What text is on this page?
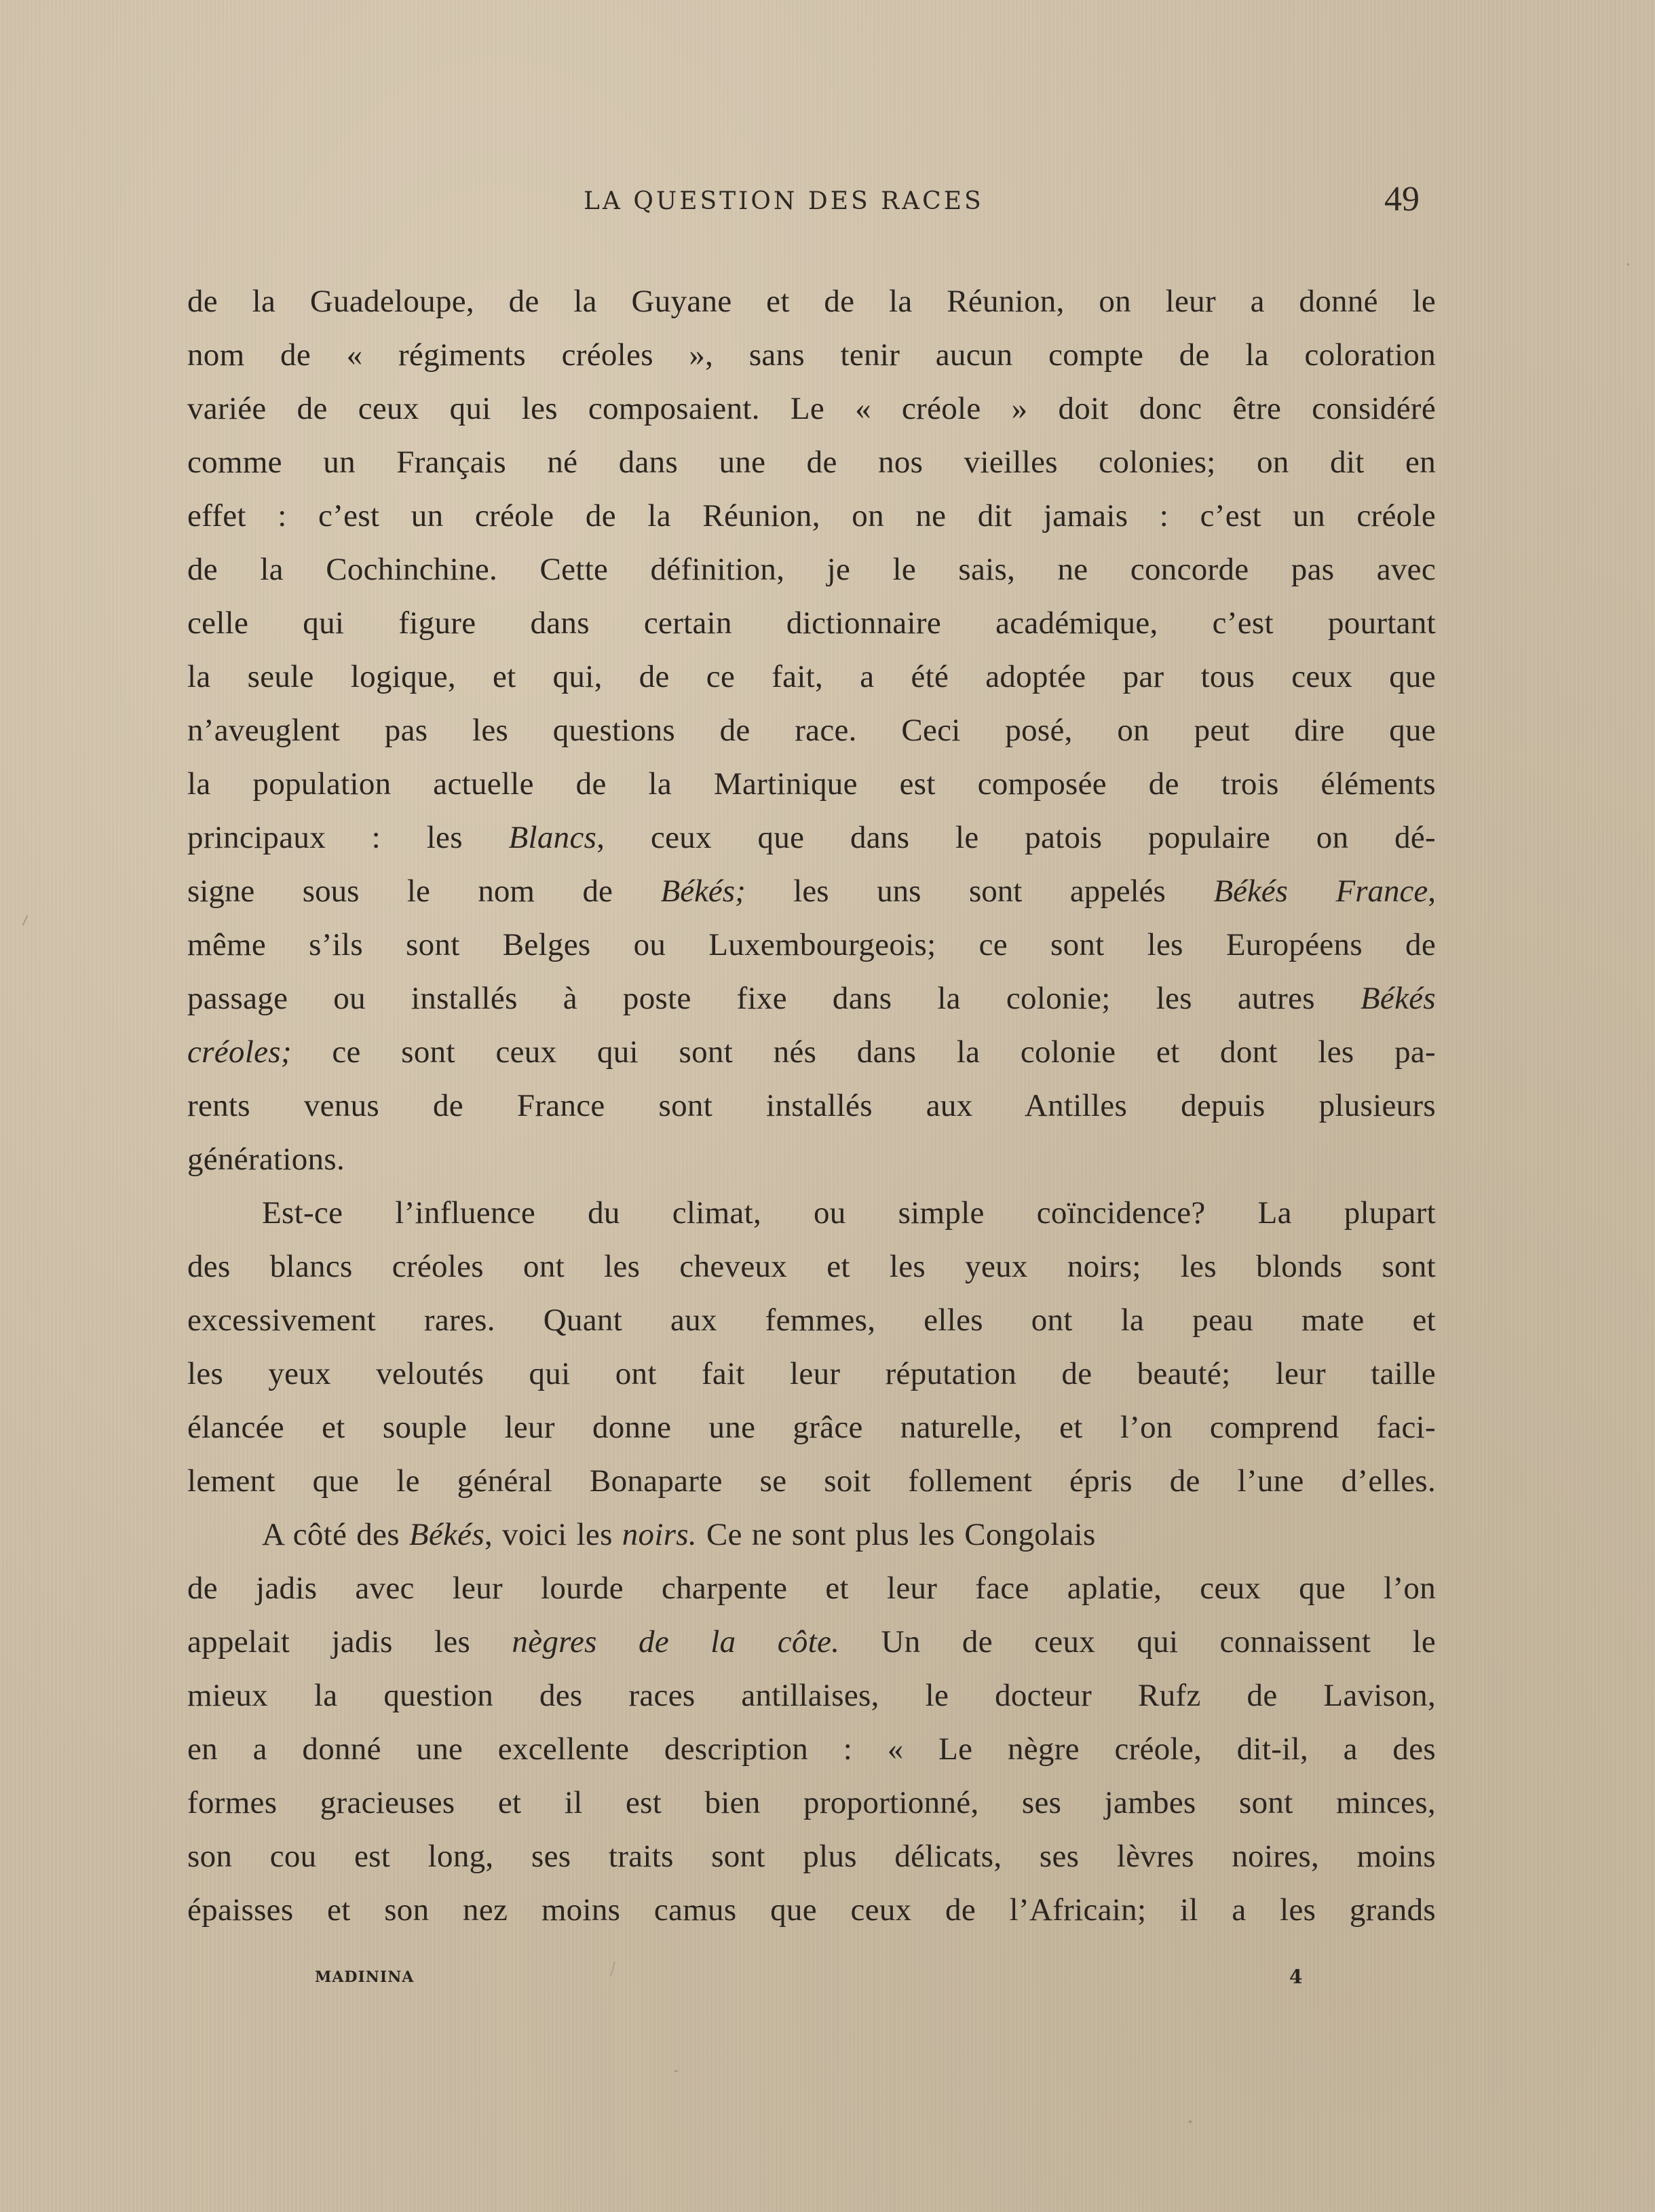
LA QUESTION DES RACES	49
de la Guadeloupe, de la Guyane et de la Réunion, on leur a donné le
nom de « régiments créoles », sans tenir aucun compte de la coloration
variée de ceux qui les composaient. Le « créole » doit donc être considéré
comme un Français né dans une de nos vieilles colonies; on dit en
effet : c’est un créole de la Réunion, on ne dit jamais : c’est un créole
de la Cochinchine. Cette définition, je le sais, ne concorde pas avec
celle qui figure dans certain dictionnaire académique, c’est pourtant
la seule logique, et qui, de ce fait, a été adoptée par tous ceux que
n’aveuglent pas les questions de race. Ceci posé, on peut dire que
la population actuelle de la Martinique est composée de trois éléments
principaux : les Blancs, ceux que dans le patois populaire on dé-
signe sous le nom de Békés; les uns sont appelés Békés France,
même s’ils sont Belges ou Luxembourgeois; ce sont les Européens de
passage ou installés à poste fixe dans la colonie; les autres Békés
créoles; ce sont ceux qui sont nés dans la colonie et dont les pa-
rents venus de France sont installés aux Antilles depuis plusieurs
générations.
Est-ce l’influence du climat, ou simple coïncidence? La plupart
des blancs créoles ont les cheveux et les yeux noirs; les blonds sont
excessivement rares. Quant aux femmes, elles ont la peau mate et
les yeux veloutés qui ont fait leur réputation de beauté; leur taille
élancée et souple leur donne une grâce naturelle, et l’on comprend faci-
lement que le général Bonaparte se soit follement épris de l’une d’elles.
A côté des Békés, voici les noirs. Ce ne sont plus les Congolais
de jadis avec leur lourde charpente et leur face aplatie, ceux que l’on
appelait jadis les nègres de la côte. Un de ceux qui connaissent le
mieux la question des races antillaises, le docteur Rufz de Lavison,
en a donné une excellente description : « Le nègre créole, dit-il, a des
formes gracieuses et il est bien proportionné, ses jambes sont minces,
son cou est long, ses traits sont plus délicats, ses lèvres noires, moins
épaisses et son nez moins camus que ceux de l’Africain; il a les grands
MADININA	4
